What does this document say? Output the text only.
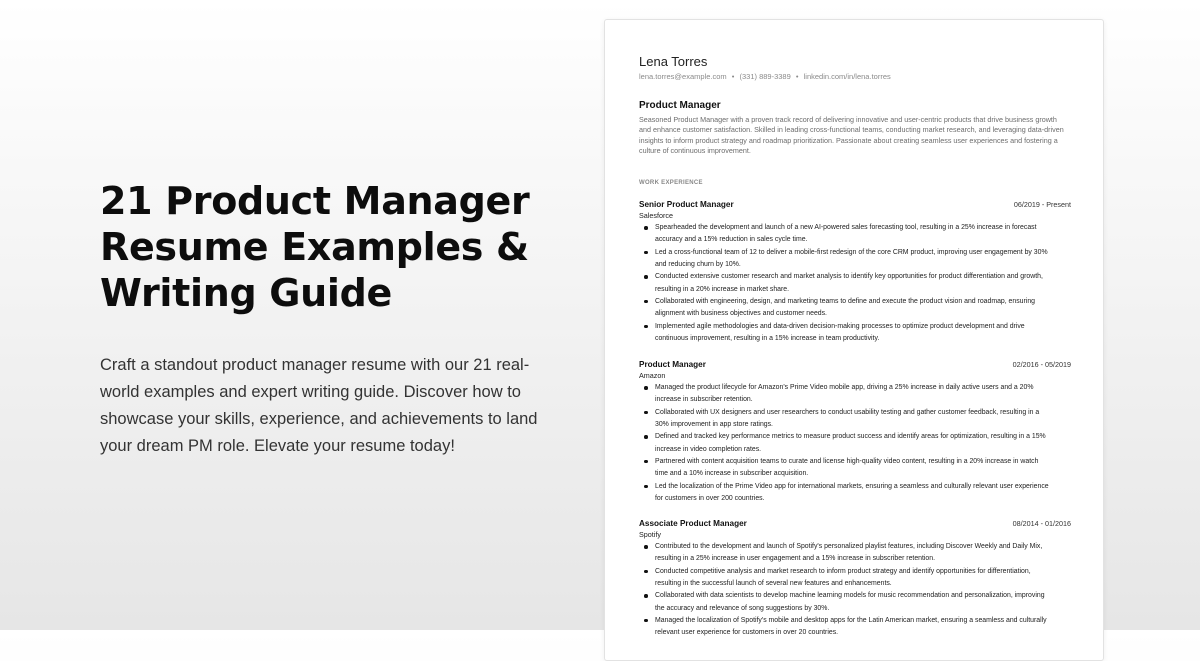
21 Product Manager Resume Examples & Writing Guide

Craft a standout product manager resume with our 21 real-world examples and expert writing guide. Discover how to showcase your skills, experience, and achievements to land your dream PM role. Elevate your resume today!

Lena Torres
lena.torres@example.com • (331) 889-3389 • linkedin.com/in/lena.torres
Product Manager
Seasoned Product Manager with a proven track record of delivering innovative and user-centric products that drive business growth and enhance customer satisfaction. Skilled in leading cross-functional teams, conducting market research, and leveraging data-driven insights to inform product strategy and roadmap prioritization. Passionate about creating seamless user experiences and fostering a culture of continuous improvement.
WORK EXPERIENCE
Senior Product Manager	06/2019 - Present
Salesforce
Spearheaded the development and launch of a new AI-powered sales forecasting tool, resulting in a 25% increase in forecast accuracy and a 15% reduction in sales cycle time.
Led a cross-functional team of 12 to deliver a mobile-first redesign of the core CRM product, improving user engagement by 30% and reducing churn by 10%.
Conducted extensive customer research and market analysis to identify key opportunities for product differentiation and growth, resulting in a 20% increase in market share.
Collaborated with engineering, design, and marketing teams to define and execute the product vision and roadmap, ensuring alignment with business objectives and customer needs.
Implemented agile methodologies and data-driven decision-making processes to optimize product development and drive continuous improvement, resulting in a 15% increase in team productivity.
Product Manager	02/2016 - 05/2019
Amazon
Managed the product lifecycle for Amazon's Prime Video mobile app, driving a 25% increase in daily active users and a 20% increase in subscriber retention.
Collaborated with UX designers and user researchers to conduct usability testing and gather customer feedback, resulting in a 30% improvement in app store ratings.
Defined and tracked key performance metrics to measure product success and identify areas for optimization, resulting in a 15% increase in video completion rates.
Partnered with content acquisition teams to curate and license high-quality video content, resulting in a 20% increase in watch time and a 10% increase in subscriber acquisition.
Led the localization of the Prime Video app for international markets, ensuring a seamless and culturally relevant user experience for customers in over 200 countries.
Associate Product Manager	08/2014 - 01/2016
Spotify
Contributed to the development and launch of Spotify's personalized playlist features, including Discover Weekly and Daily Mix, resulting in a 25% increase in user engagement and a 15% increase in subscriber retention.
Conducted competitive analysis and market research to inform product strategy and identify opportunities for differentiation, resulting in the successful launch of several new features and enhancements.
Collaborated with data scientists to develop machine learning models for music recommendation and personalization, improving the accuracy and relevance of song suggestions by 30%.
Managed the localization of Spotify's mobile and desktop apps for the Latin American market, ensuring a seamless and culturally relevant user experience for customers in over 20 countries.
